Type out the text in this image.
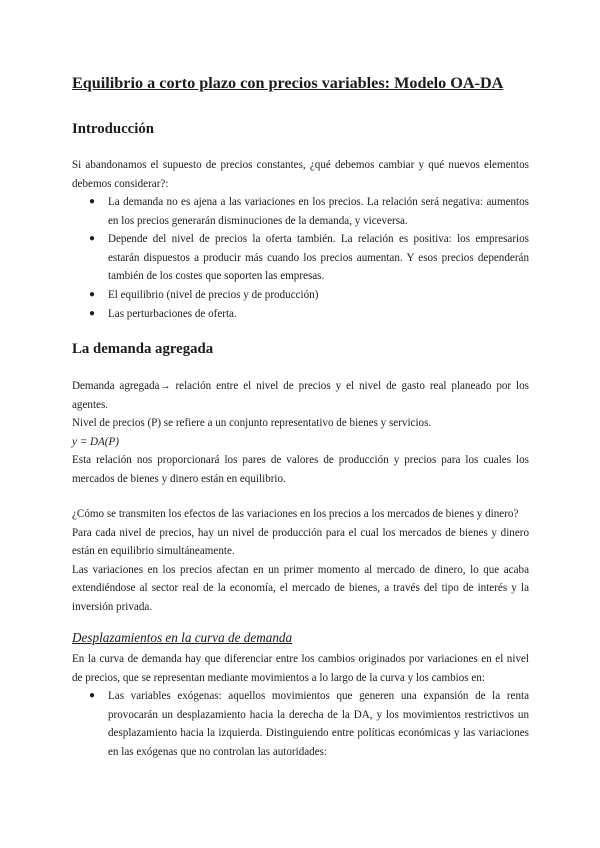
Equilibrio a corto plazo con precios variables: Modelo OA-DA
Introducción

Si abandonamos el supuesto de precios constantes, ¿qué debemos cambiar y qué nuevos elementos debemos considerar?:

● La demanda no es ajena a las variaciones en los precios. La relación será negativa: aumentos en los precios generarán disminuciones de la demanda, y viceversa.
● Depende del nivel de precios la oferta también. La relación es positiva: los empresarios estarán dispuestos a producir más cuando los precios aumentan. Y esos precios dependerán también de los costes que soporten las empresas.
● El equilibrio (nivel de precios y de producción)
● Las perturbaciones de oferta.
La demanda agregada

Demanda agregada→ relación entre el nivel de precios y el nivel de gasto real planeado por los agentes.

Nivel de precios (P) se refiere a un conjunto representativo de bienes y servicios.

y = DA(P)

Esta relación nos proporcionará los pares de valores de producción y precios para los cuales los mercados de bienes y dinero están en equilibrio.

¿Cómo se transmiten los efectos de las variaciones en los precios a los mercados de bienes y dinero?

Para cada nivel de precios, hay un nivel de producción para el cual los mercados de bienes y dinero están en equilibrio simultáneamente.

Las variaciones en los precios afectan en un primer momento al mercado de dinero, lo que acaba extendiéndose al sector real de la economía, el mercado de bienes, a través del tipo de interés y la inversión privada.

Desplazamientos en la curva de demanda

En la curva de demanda hay que diferenciar entre los cambios originados por variaciones en el nivel de precios, que se representan mediante movimientos a lo largo de la curva y los cambios en:

● Las variables exógenas: aquellos movimientos que generen una expansión de la renta provocarán un desplazamiento hacia la derecha de la DA, y los movimientos restrictivos un desplazamiento hacia la izquierda. Distinguiendo entre políticas económicas y las variaciones en las exógenas que no controlan las autoridades:
